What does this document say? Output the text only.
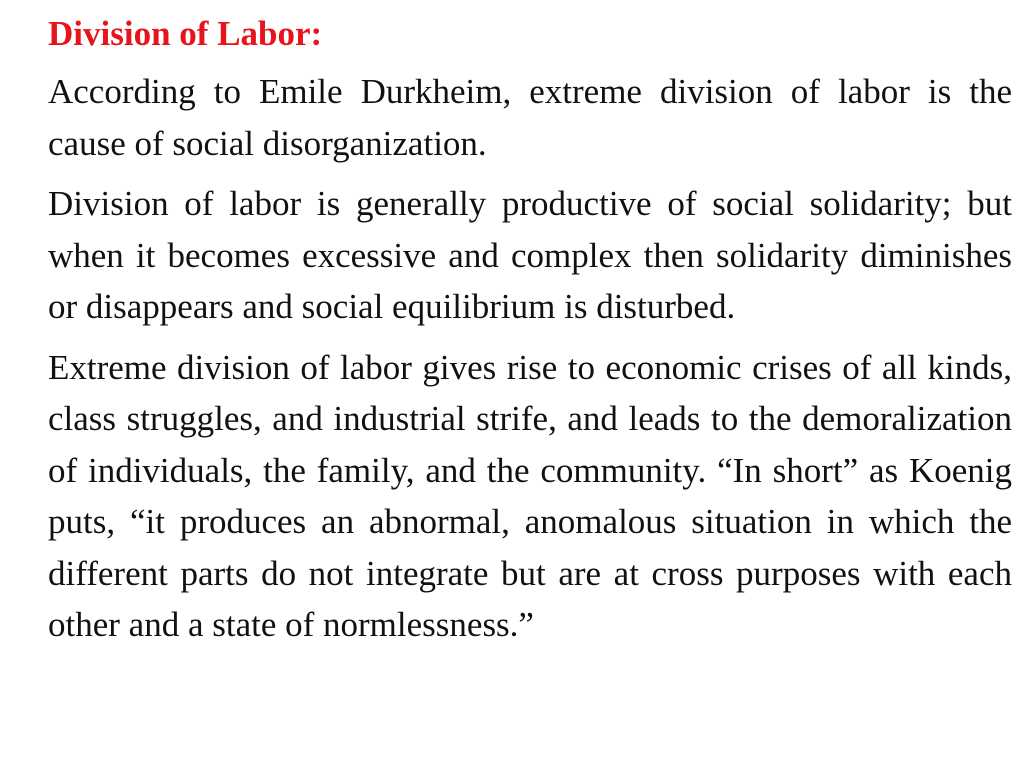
Division of Labor:

According to Emile Durkheim, extreme division of labor is the cause of social disorganization.

Division of labor is generally productive of social solidarity; but when it becomes excessive and complex then solidarity diminishes or disappears and social equilibrium is disturbed.

Extreme division of labor gives rise to economic crises of all kinds, class struggles, and industrial strife, and leads to the demoralization of individuals, the family, and the community. “In short” as Koenig puts, “it produces an abnormal, anomalous situation in which the different parts do not integrate but are at cross purposes with each other and a state of normlessness.”
